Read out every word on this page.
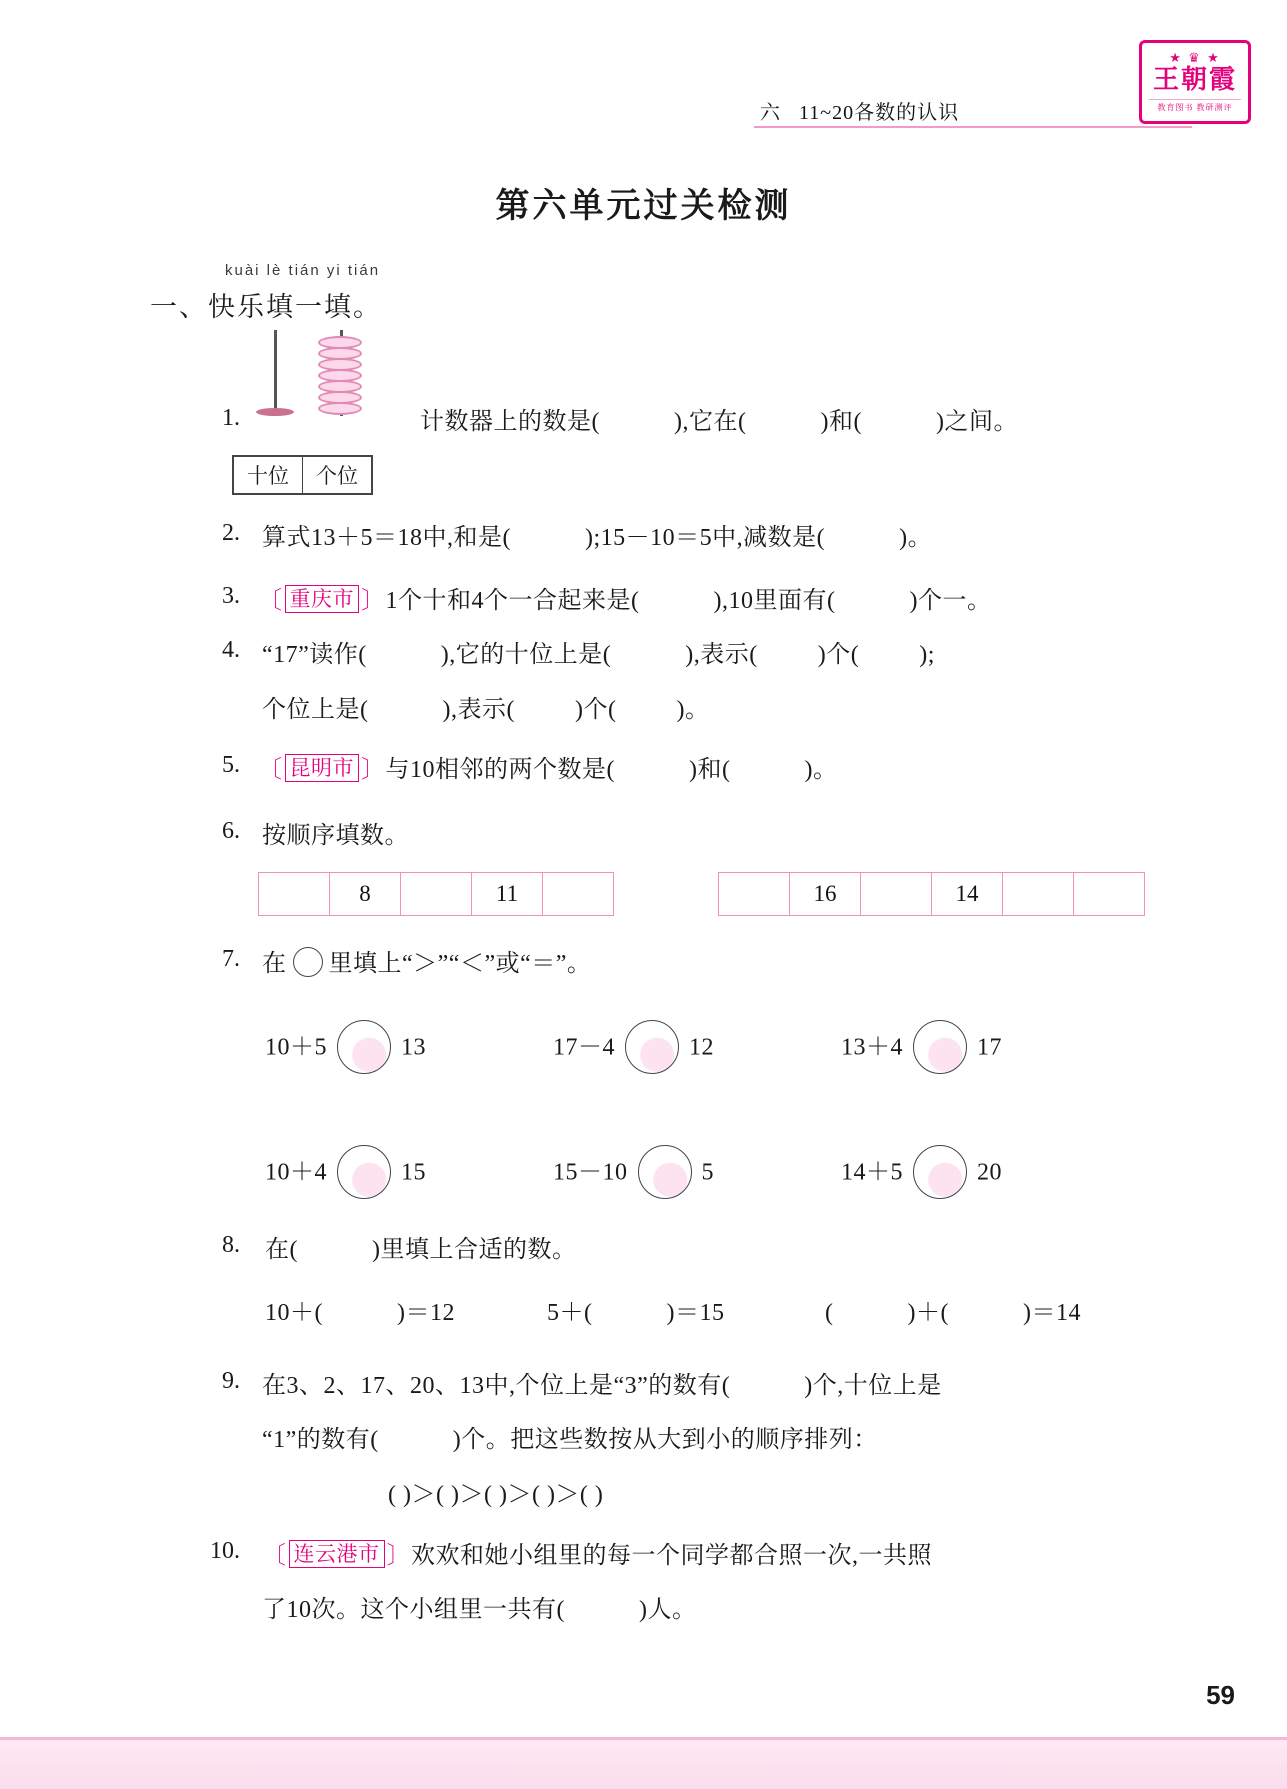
六 11~20各数的认识
★ ♛ ★
王朝霞
教育图书 教研测评
第六单元过关检测
kuài lè tián yi tián
一、快乐填一填。
1.
十位	个位
计数器上的数是(	),它在(	)和(	)之间。
2. 算式13＋5＝18中,和是(	);15－10＝5中,减数是(	)。
3. 〔 重庆市 〕1个十和4个一合起来是(	),10里面有(	)个一。
4. “17”读作(	),它的十位上是(	),表示(	)个(	);
个位上是(	),表示(	)个(	)。
5. 〔 昆明市 〕与10相邻的两个数是(	)和(	)。
6. 按顺序填数。
	8		11	
		16		14		
7. 在 里填上“＞”“＜”或“＝”。
10＋5	13	17－4	12	13＋4	17
10＋4	15	15－10	5	14＋5	20
8. 在(	)里填上合适的数。
10＋(	)＝12	5＋(	)＝15	(	)＋(	)＝14
9. 在3、2、17、20、13中,个位上是“3”的数有(	)个,十位上是
“1”的数有(	)个。把这些数按从大到小的顺序排列：
( )＞( )＞( )＞( )＞( )
10. 〔 连云港市 〕欢欢和她小组里的每一个同学都合照一次,一共照
了10次。这个小组里一共有(	)人。
59
